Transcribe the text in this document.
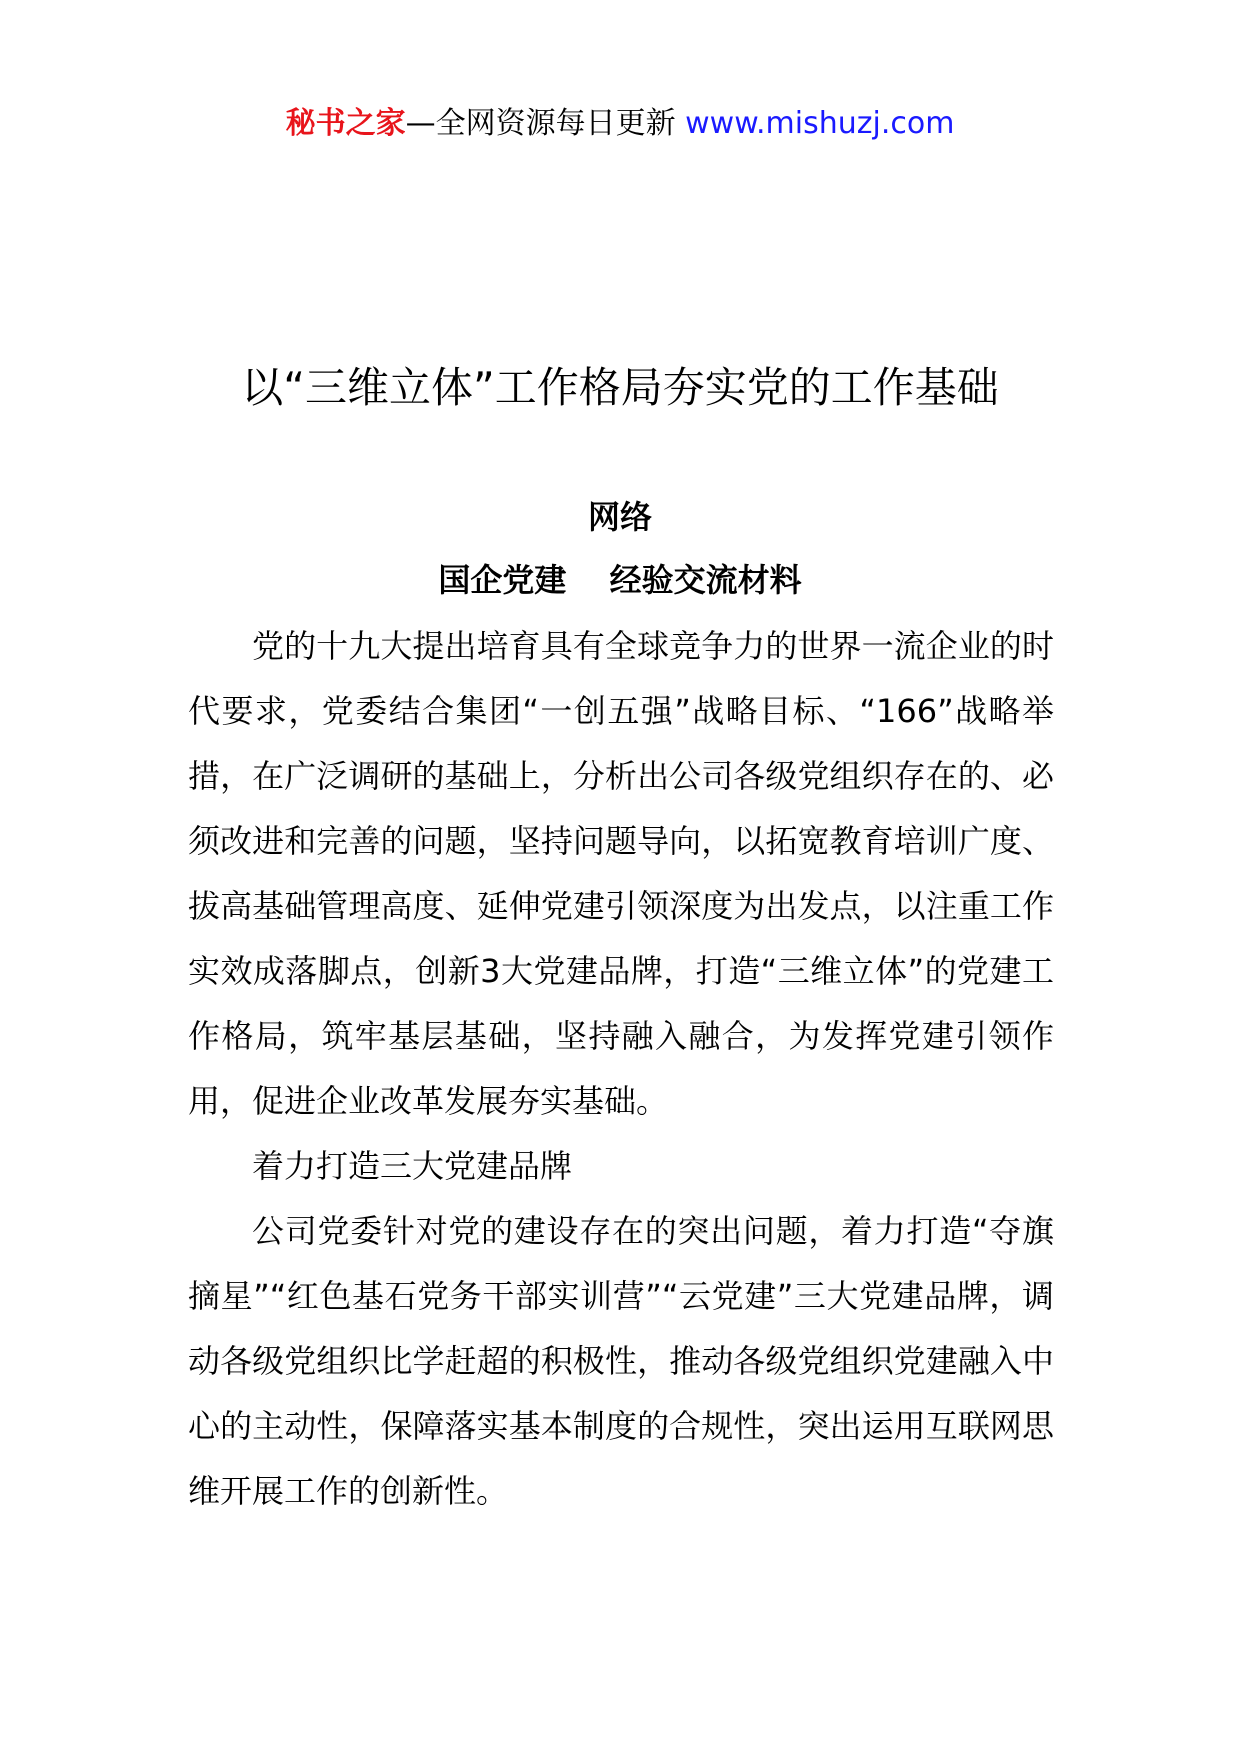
秘书之家—全网资源每日更新 www.mishuzj.com
以“三维立体”工作格局夯实党的工作基础
网络
国企党建　 经验交流材料

党的十九大提出培育具有全球竞争力的世界一流企业的时代要求，党委结合集团“一创五强”战略目标、“166”战略举措，在广泛调研的基础上，分析出公司各级党组织存在的、必须改进和完善的问题，坚持问题导向，以拓宽教育培训广度、拔高基础管理高度、延伸党建引领深度为出发点，以注重工作实效成落脚点，创新3大党建品牌，打造“三维立体”的党建工作格局，筑牢基层基础，坚持融入融合，为发挥党建引领作用，促进企业改革发展夯实基础。

着力打造三大党建品牌

公司党委针对党的建设存在的突出问题，着力打造“夺旗摘星”“红色基石党务干部实训营”“云党建”三大党建品牌，调动各级党组织比学赶超的积极性，推动各级党组织党建融入中心的主动性，保障落实基本制度的合规性，突出运用互联网思维开展工作的创新性。
